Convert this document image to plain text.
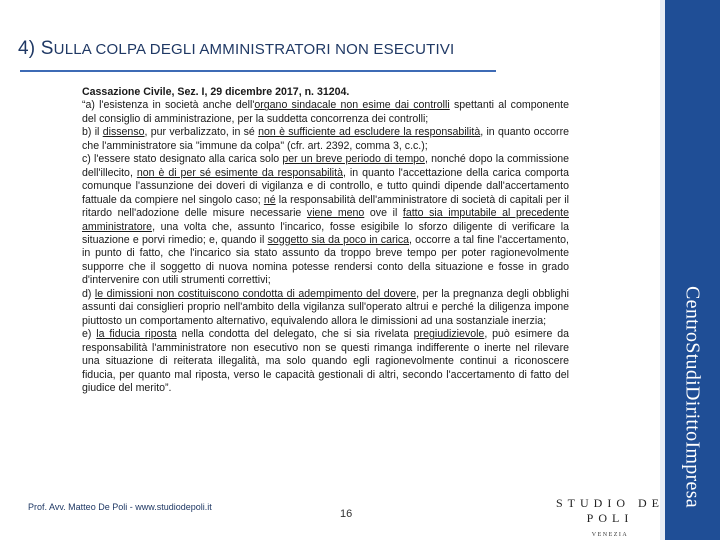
4) SULLA COLPA DEGLI AMMINISTRATORI NON ESECUTIVI

Cassazione Civile, Sez. I, 29 dicembre 2017, n. 31204.

“a) l'esistenza in società anche dell'organo sindacale non esime dai controlli spettanti al componente del consiglio di amministrazione, per la suddetta concorrenza dei controlli;

b) il dissenso, pur verbalizzato, in sé non è sufficiente ad escludere la responsabilità, in quanto occorre che l'amministratore sia "immune da colpa" (cfr. art. 2392, comma 3, c.c.);

c) l'essere stato designato alla carica solo per un breve periodo di tempo, nonché dopo la commissione dell'illecito, non è di per sé esimente da responsabilità, in quanto l'accettazione della carica comporta comunque l'assunzione dei doveri di vigilanza e di controllo, e tutto quindi dipende dall'accertamento fattuale da compiere nel singolo caso; né la responsabilità dell'amministratore di società di capitali per il ritardo nell'adozione delle misure necessarie viene meno ove il fatto sia imputabile al precedente amministratore, una volta che, assunto l'incarico, fosse esigibile lo sforzo diligente di verificare la situazione e porvi rimedio; e, quando il soggetto sia da poco in carica, occorre a tal fine l'accertamento, in punto di fatto, che l'incarico sia stato assunto da troppo breve tempo per poter ragionevolmente supporre che il soggetto di nuova nomina potesse rendersi conto della situazione e fosse in grado d'intervenire con utili strumenti correttivi;

d) le dimissioni non costituiscono condotta di adempimento del dovere, per la pregnanza degli obblighi assunti dai consiglieri proprio nell'ambito della vigilanza sull'operato altrui e perché la diligenza impone piuttosto un comportamento alternativo, equivalendo allora le dimissioni ad una sostanziale inerzia;

e) la fiducia riposta nella condotta del delegato, che si sia rivelata pregiudizievole, può esimere da responsabilità l'amministratore non esecutivo non se questi rimanga indifferente o inerte nel rilevare una situazione di reiterata illegalità, ma solo quando egli ragionevolmente continui a riconoscere fiducia, per quanto mal riposta, verso le capacità gestionali di altri, secondo l'accertamento di fatto del giudice del merito”.	CentroStudiDirittoImpresa
Prof. Avv. Matteo De Poli - www.studiodepoli.it
16
STUDIO DE POLI
VENEZIA
